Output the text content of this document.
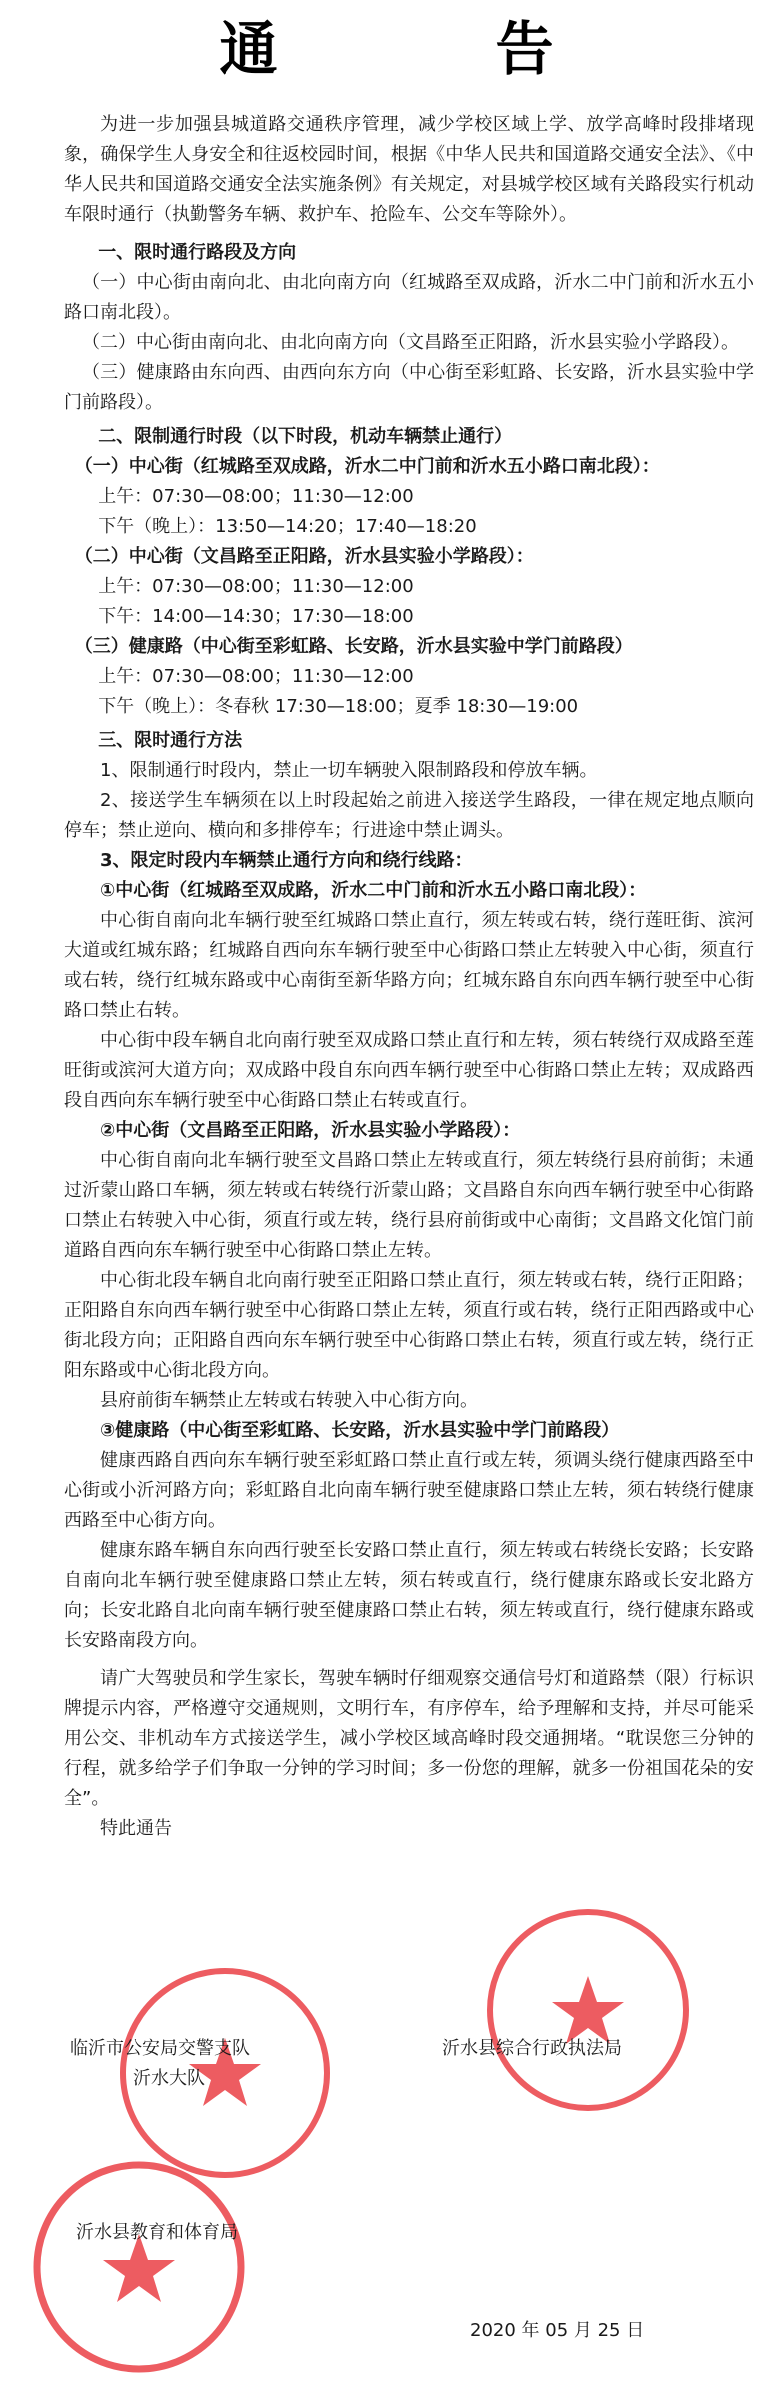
通　告

为进一步加强县城道路交通秩序管理，减少学校区域上学、放学高峰时段排堵现象，确保学生人身安全和往返校园时间，根据《中华人民共和国道路交通安全法》、《中华人民共和国道路交通安全法实施条例》有关规定，对县城学校区域有关路段实行机动车限时通行（执勤警务车辆、救护车、抢险车、公交车等除外）。

一、限时通行路段及方向

（一）中心街由南向北、由北向南方向（红城路至双成路，沂水二中门前和沂水五小路口南北段）。

（二）中心街由南向北、由北向南方向（文昌路至正阳路，沂水县实验小学路段）。

（三）健康路由东向西、由西向东方向（中心街至彩虹路、长安路，沂水县实验中学门前路段）。

二、限制通行时段（以下时段，机动车辆禁止通行）

（一）中心街（红城路至双成路，沂水二中门前和沂水五小路口南北段）：

上午：07:30—08:00；11:30—12:00

下午（晚上）：13:50—14:20；17:40—18:20

（二）中心街（文昌路至正阳路，沂水县实验小学路段）：

上午：07:30—08:00；11:30—12:00

下午：14:00—14:30；17:30—18:00

（三）健康路（中心街至彩虹路、长安路，沂水县实验中学门前路段）

上午：07:30—08:00；11:30—12:00

下午（晚上）：冬春秋 17:30—18:00；夏季 18:30—19:00

三、限时通行方法

1、限制通行时段内，禁止一切车辆驶入限制路段和停放车辆。

2、接送学生车辆须在以上时段起始之前进入接送学生路段，一律在规定地点顺向停车；禁止逆向、横向和多排停车；行进途中禁止调头。

3、限定时段内车辆禁止通行方向和绕行线路：

①中心街（红城路至双成路，沂水二中门前和沂水五小路口南北段）：

中心街自南向北车辆行驶至红城路口禁止直行，须左转或右转，绕行莲旺街、滨河大道或红城东路；红城路自西向东车辆行驶至中心街路口禁止左转驶入中心街，须直行或右转，绕行红城东路或中心南街至新华路方向；红城东路自东向西车辆行驶至中心街路口禁止右转。

中心街中段车辆自北向南行驶至双成路口禁止直行和左转，须右转绕行双成路至莲旺街或滨河大道方向；双成路中段自东向西车辆行驶至中心街路口禁止左转；双成路西段自西向东车辆行驶至中心街路口禁止右转或直行。

②中心街（文昌路至正阳路，沂水县实验小学路段）：

中心街自南向北车辆行驶至文昌路口禁止左转或直行，须左转绕行县府前街；未通过沂蒙山路口车辆，须左转或右转绕行沂蒙山路；文昌路自东向西车辆行驶至中心街路口禁止右转驶入中心街，须直行或左转，绕行县府前街或中心南街；文昌路文化馆门前道路自西向东车辆行驶至中心街路口禁止左转。

中心街北段车辆自北向南行驶至正阳路口禁止直行，须左转或右转，绕行正阳路；正阳路自东向西车辆行驶至中心街路口禁止左转，须直行或右转，绕行正阳西路或中心街北段方向；正阳路自西向东车辆行驶至中心街路口禁止右转，须直行或左转，绕行正阳东路或中心街北段方向。

县府前街车辆禁止左转或右转驶入中心街方向。

③健康路（中心街至彩虹路、长安路，沂水县实验中学门前路段）

健康西路自西向东车辆行驶至彩虹路口禁止直行或左转，须调头绕行健康西路至中心街或小沂河路方向；彩虹路自北向南车辆行驶至健康路口禁止左转，须右转绕行健康西路至中心街方向。

健康东路车辆自东向西行驶至长安路口禁止直行，须左转或右转绕长安路；长安路自南向北车辆行驶至健康路口禁止左转，须右转或直行，绕行健康东路或长安北路方向；长安北路自北向南车辆行驶至健康路口禁止右转，须左转或直行，绕行健康东路或长安路南段方向。

请广大驾驶员和学生家长，驾驶车辆时仔细观察交通信号灯和道路禁（限）行标识牌提示内容，严格遵守交通规则，文明行车，有序停车，给予理解和支持，并尽可能采用公交、非机动车方式接送学生，减小学校区域高峰时段交通拥堵。“耽误您三分钟的行程，就多给学子们争取一分钟的学习时间；多一份您的理解，就多一份祖国花朵的安全”。

特此通告

临沂市公安局交警支队
沂水大队
沂水县综合行政执法局
沂水县教育和体育局
2020 年 05 月 25 日
